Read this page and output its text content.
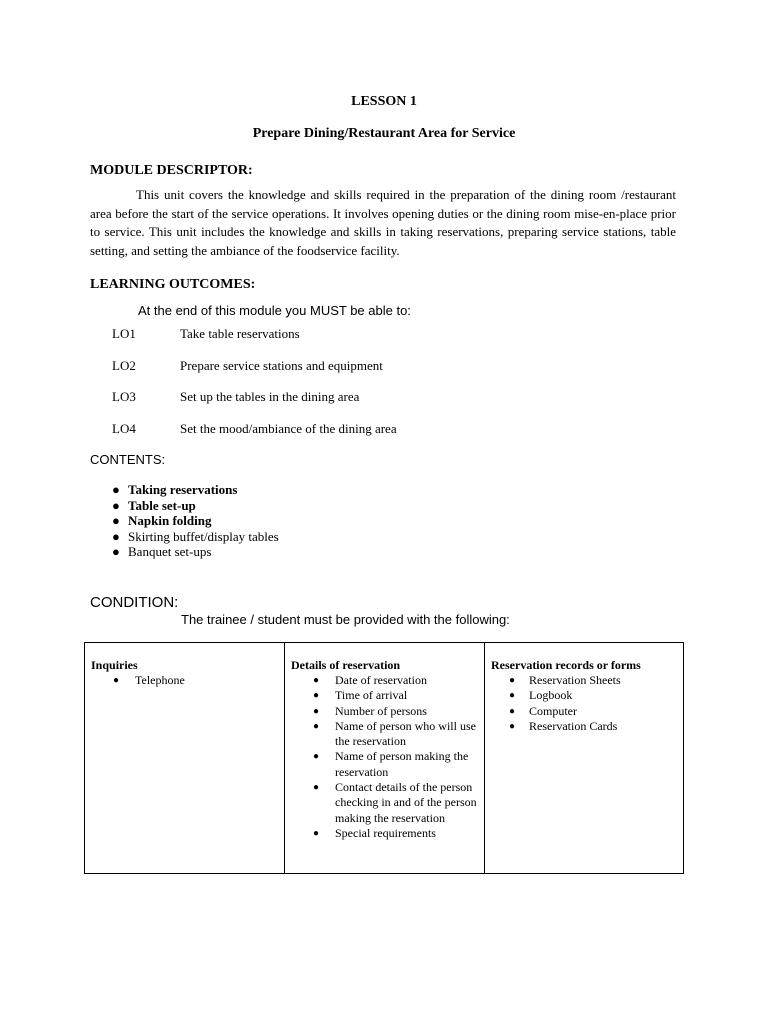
LESSON 1
Prepare Dining/Restaurant Area for Service
MODULE DESCRIPTOR:

This unit covers the knowledge and skills required in the preparation of the dining room /restaurant area before the start of the service operations. It involves opening duties or the dining room mise-en-place prior to service. This unit includes the knowledge and skills in taking reservations, preparing service stations, table setting, and setting the ambiance of the foodservice facility.

LEARNING OUTCOMES:
At the end of this module you MUST be able to:
LO1	Take table reservations
LO2	Prepare service stations and equipment
LO3	Set up the tables in the dining area
LO4	Set the mood/ambiance of the dining area
CONTENTS:
● Taking reservations
● Table set-up
● Napkin folding
● Skirting buffet/display tables
● Banquet set-ups
CONDITION:
The trainee / student must be provided with the following:
Inquiries
● Telephone
Details of reservation
● Date of reservation
● Time of arrival
● Number of persons
● Name of person who will use the reservation
● Name of person making the reservation
● Contact details of the person checking in and of the person making the reservation
● Special requirements
Reservation records or forms
● Reservation Sheets
● Logbook
● Computer
● Reservation Cards
